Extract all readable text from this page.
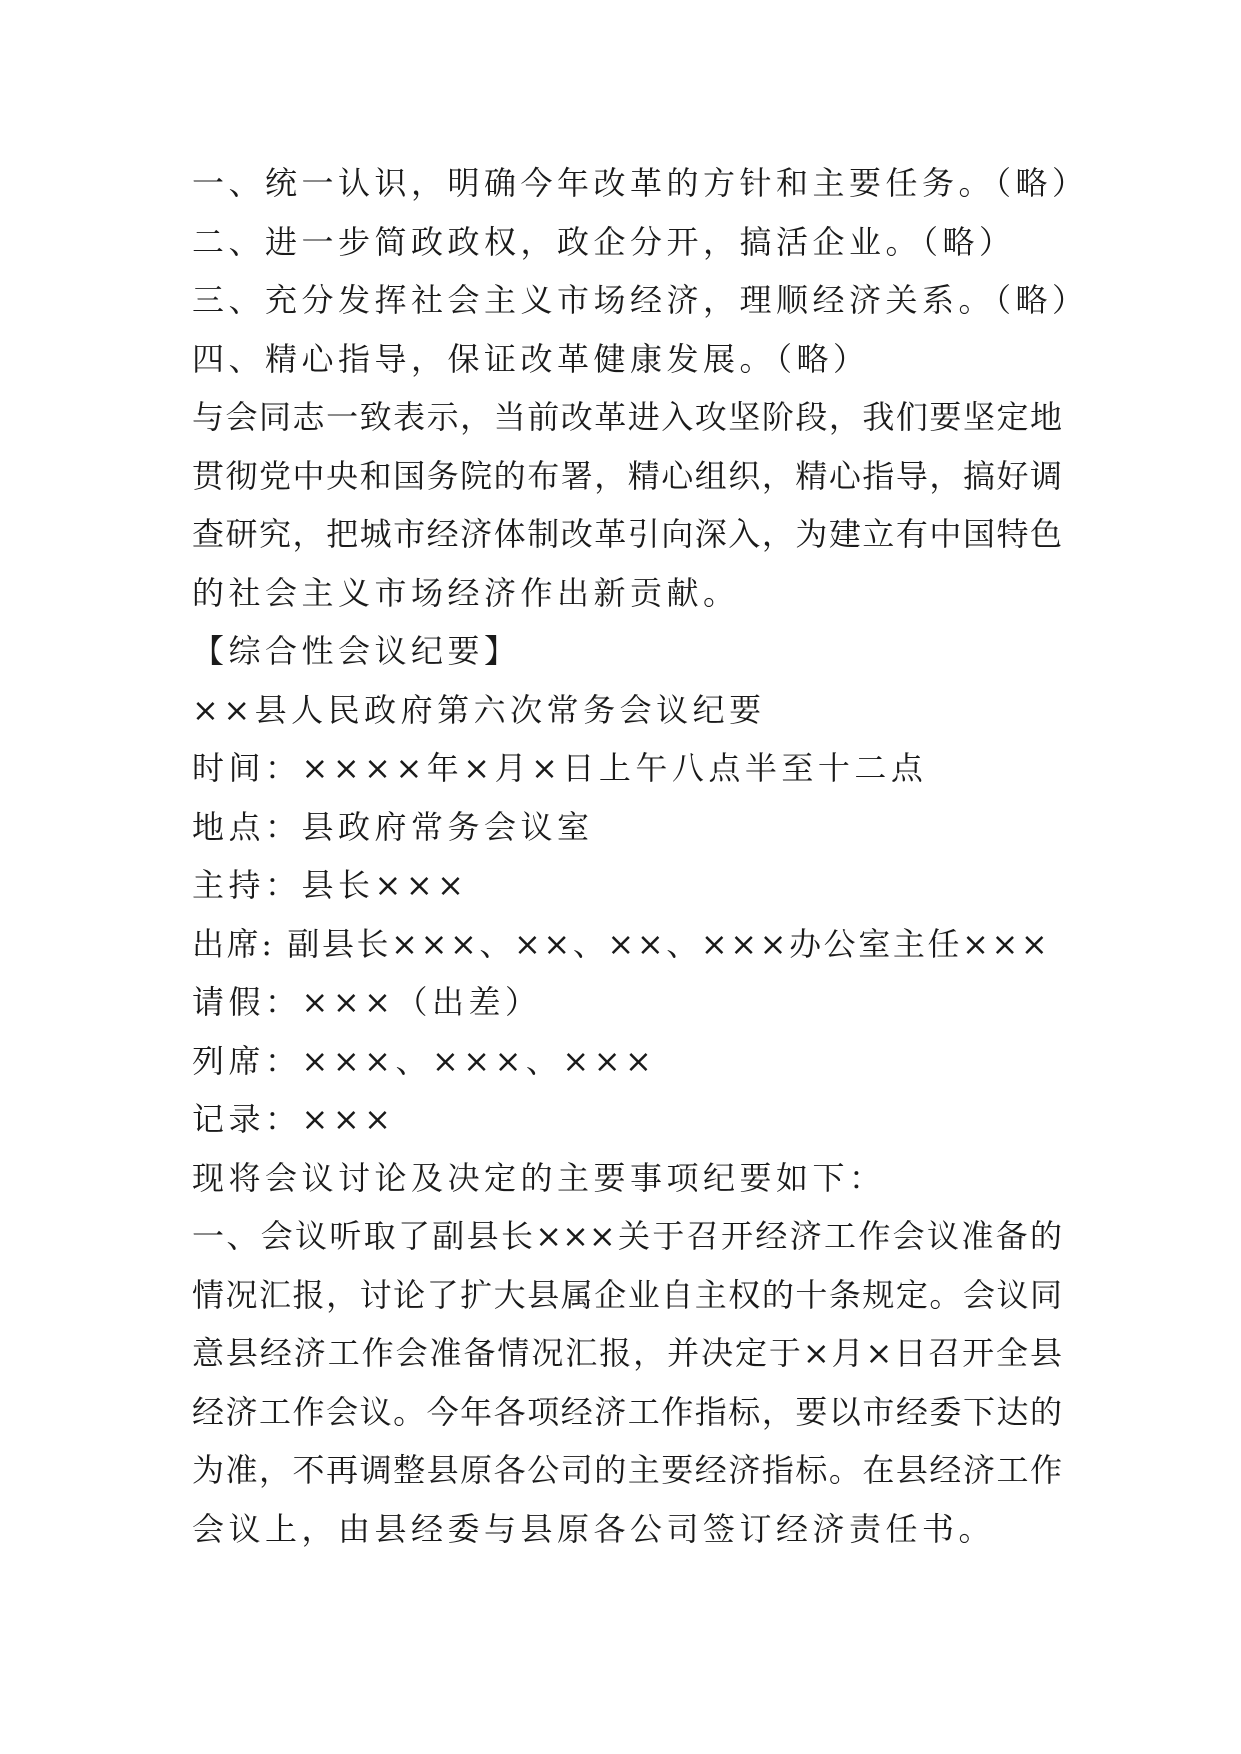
一、统一认识，明确今年改革的方针和主要任务。（略）
二、进一步简政政权，政企分开，搞活企业。（略）
三、充分发挥社会主义市场经济，理顺经济关系。（略）
四、精心指导，保证改革健康发展。（略）
与会同志一致表示，当前改革进入攻坚阶段，我们要坚定地
贯彻党中央和国务院的布署，精心组织，精心指导，搞好调
查研究，把城市经济体制改革引向深入，为建立有中国特色
的社会主义市场经济作出新贡献。
【综合性会议纪要】
××县人民政府第六次常务会议纪要
时间：××××年×月×日上午八点半至十二点
地点：县政府常务会议室
主持：县长×××
出席: 副县长×××、××、××、×××办公室主任×××
请假：×××（出差）
列席：×××、×××、×××
记录：×××
现将会议讨论及决定的主要事项纪要如下：
一、会议听取了副县长×××关于召开经济工作会议准备的
情况汇报，讨论了扩大县属企业自主权的十条规定。会议同
意县经济工作会准备情况汇报，并决定于×月×日召开全县
经济工作会议。今年各项经济工作指标，要以市经委下达的
为准，不再调整县原各公司的主要经济指标。在县经济工作
会议上，由县经委与县原各公司签订经济责任书。
